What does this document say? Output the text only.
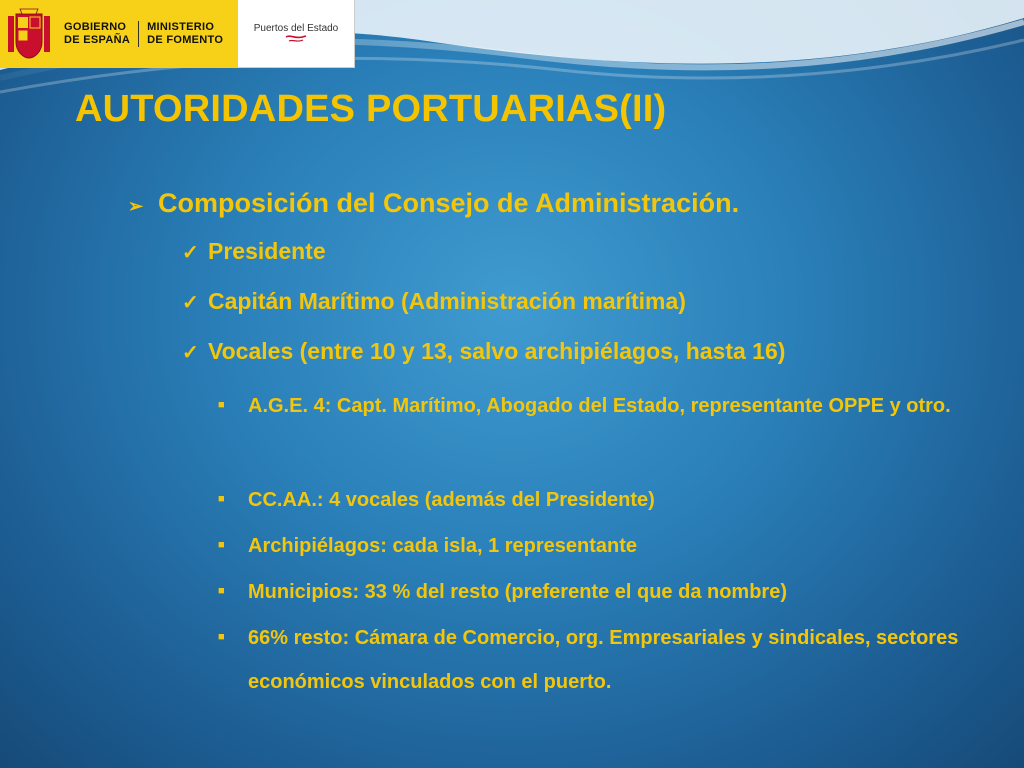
GOBIERNO
DE ESPAÑA
MINISTERIO
DE FOMENTO
Puertos del Estado
AUTORIDADES PORTUARIAS(II)
➢ Composición del Consejo de Administración.
✓ Presidente
✓ Capitán Marítimo (Administración marítima)
✓ Vocales (entre 10 y 13, salvo archipiélagos, hasta 16)
■	A.G.E. 4: Capt. Marítimo, Abogado del Estado, representante OPPE y otro.
■	CC.AA.: 4 vocales (además del Presidente)
■	Archipiélagos: cada isla, 1 representante
■	Municipios: 33 % del resto (preferente el que da nombre)
■	66% resto: Cámara de Comercio, org. Empresariales y sindicales, sectores económicos vinculados con el puerto.
